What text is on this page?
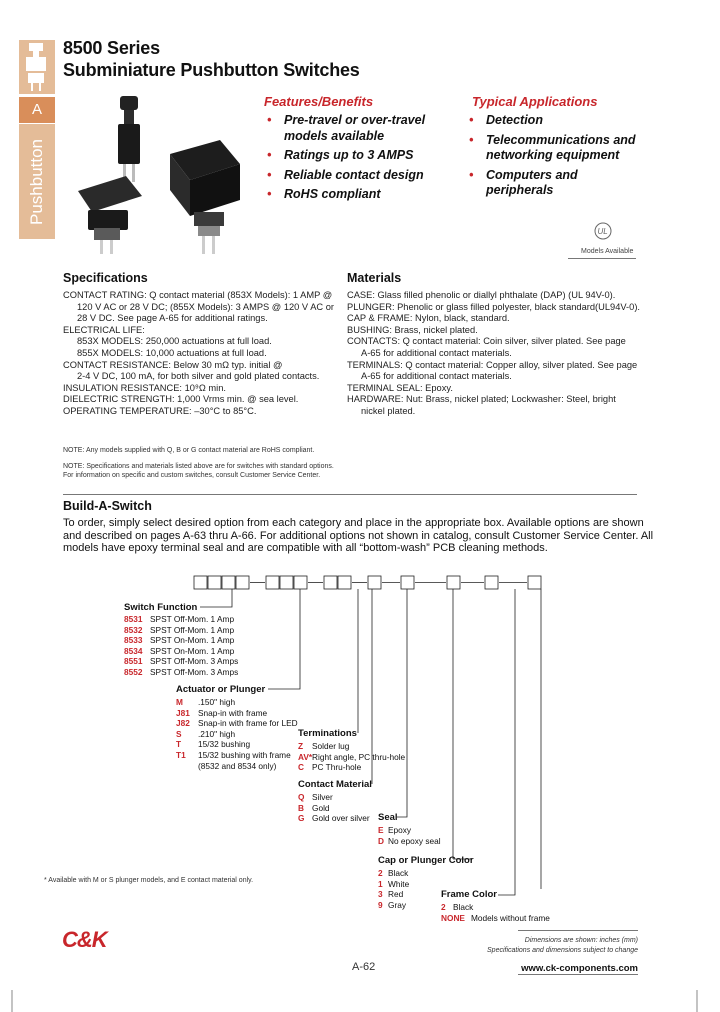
A
Pushbutton
8500 Series
Subminiature Pushbutton Switches
Features/Benefits
• Pre-travel or over-travel models available
• Ratings up to 3 AMPS
• Reliable contact design
• RoHS compliant
Typical Applications
• Detection
• Telecommunications and networking equipment
• Computers and peripherals
UL
Models Available
Specifications

CONTACT RATING: Q contact material (853X Models): 1 AMP @

120 V AC or 28 V DC; (855X Models): 3 AMPS @ 120 V AC or

28 V DC. See page A-65 for additional ratings.

ELECTRICAL LIFE:

853X MODELS: 250,000 actuations at full load.

855X MODELS: 10,000 actuations at full load.

CONTACT RESISTANCE: Below 30 mΩ typ. initial @

2-4 V DC, 100 mA, for both silver and gold plated contacts.

INSULATION RESISTANCE: 10⁹Ω min.

DIELECTRIC STRENGTH: 1,000 Vrms min. @ sea level.

OPERATING TEMPERATURE: –30°C to 85°C.

NOTE: Any models supplied with Q, B or G contact material are RoHS compliant.
NOTE: Specifications and materials listed above are for switches with standard options.
For information on specific and custom switches, consult Customer Service Center.
Materials

CASE: Glass filled phenolic or diallyl phthalate (DAP) (UL 94V-0).

PLUNGER: Phenolic or glass filled polyester, black standard(UL94V-0).

CAP & FRAME: Nylon, black, standard.

BUSHING: Brass, nickel plated.

CONTACTS: Q contact material: Coin silver, silver plated. See page

A-65 for additional contact materials.

TERMINALS: Q contact material: Copper alloy, silver plated. See page

A-65 for additional contact materials.

TERMINAL SEAL: Epoxy.

HARDWARE: Nut: Brass, nickel plated; Lockwasher: Steel, bright

nickel plated.

Build-A-Switch
To order, simply select desired option from each category and place in the appropriate box. Available options are shown and described on pages A-63 thru A-66. For additional options not shown in catalog, consult Customer Service Center. All models have epoxy terminal seal and are compatible with all “bottom-wash” PCB cleaning methods.
Switch Function
8531 SPST Off-Mom. 1 Amp
8532 SPST Off-Mom. 1 Amp
8533 SPST On-Mom. 1 Amp
8534 SPST On-Mom. 1 Amp
8551 SPST Off-Mom. 3 Amps
8552 SPST Off-Mom. 3 Amps
Actuator or Plunger
M .150" high
J81 Snap-in with frame
J82 Snap-in with frame for LED
S .210" high
T 15/32 bushing
T1 15/32 bushing with frame
(8532 and 8534 only)
Terminations
Z Solder lug
AV*Right angle, PC thru-hole
C PC Thru-hole
Contact Material
Q Silver
B Gold
G Gold over silver Seal
E Epoxy
D No epoxy seal
Cap or Plunger Color
2 Black
1 White
3 Red
9 Gray
Frame Color
2 Black
NONE Models without frame
* Available with M or S plunger models, and E contact material only.
C&K	Dimensions are shown: inches (mm)
Specifications and dimensions subject to change
A-62	www.ck-components.com
